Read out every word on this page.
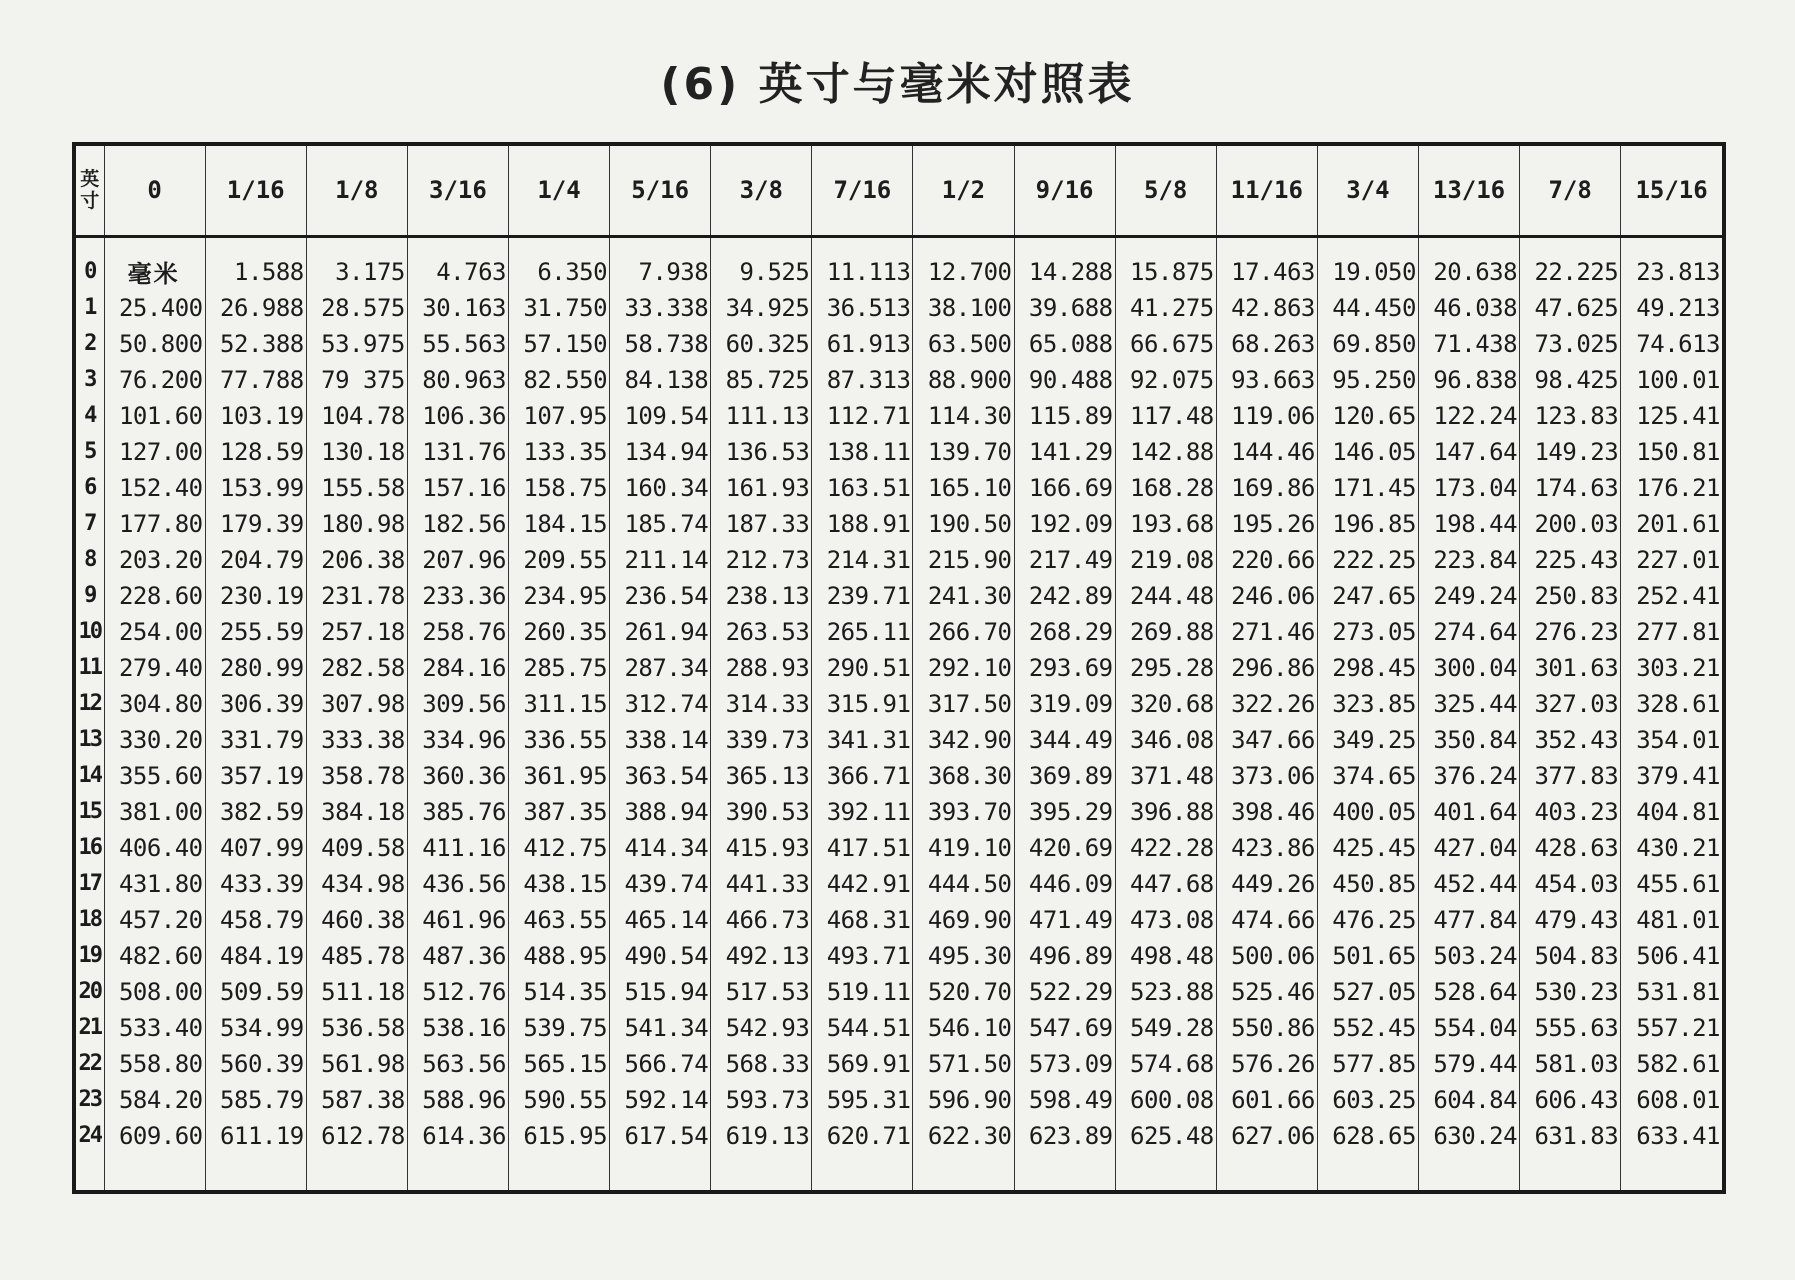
(6) 英寸与毫米对照表
英
寸	0	1/16	1/8	3/16	1/4	5/16	3/8	7/16	1/2	9/16	5/8	11/16	3/4	13/16	7/8	15/16

0	毫米	1.588	3.175	4.763	6.350	7.938	9.525	11.113	12.700	14.288	15.875	17.463	19.050	20.638	22.225	23.813
1	25.400	26.988	28.575	30.163	31.750	33.338	34.925	36.513	38.100	39.688	41.275	42.863	44.450	46.038	47.625	49.213
2	50.800	52.388	53.975	55.563	57.150	58.738	60.325	61.913	63.500	65.088	66.675	68.263	69.850	71.438	73.025	74.613
3	76.200	77.788	79 375	80.963	82.550	84.138	85.725	87.313	88.900	90.488	92.075	93.663	95.250	96.838	98.425	100.01
4	101.60	103.19	104.78	106.36	107.95	109.54	111.13	112.71	114.30	115.89	117.48	119.06	120.65	122.24	123.83	125.41
5	127.00	128.59	130.18	131.76	133.35	134.94	136.53	138.11	139.70	141.29	142.88	144.46	146.05	147.64	149.23	150.81
6	152.40	153.99	155.58	157.16	158.75	160.34	161.93	163.51	165.10	166.69	168.28	169.86	171.45	173.04	174.63	176.21
7	177.80	179.39	180.98	182.56	184.15	185.74	187.33	188.91	190.50	192.09	193.68	195.26	196.85	198.44	200.03	201.61
8	203.20	204.79	206.38	207.96	209.55	211.14	212.73	214.31	215.90	217.49	219.08	220.66	222.25	223.84	225.43	227.01
9	228.60	230.19	231.78	233.36	234.95	236.54	238.13	239.71	241.30	242.89	244.48	246.06	247.65	249.24	250.83	252.41
10	254.00	255.59	257.18	258.76	260.35	261.94	263.53	265.11	266.70	268.29	269.88	271.46	273.05	274.64	276.23	277.81
11	279.40	280.99	282.58	284.16	285.75	287.34	288.93	290.51	292.10	293.69	295.28	296.86	298.45	300.04	301.63	303.21
12	304.80	306.39	307.98	309.56	311.15	312.74	314.33	315.91	317.50	319.09	320.68	322.26	323.85	325.44	327.03	328.61
13	330.20	331.79	333.38	334.96	336.55	338.14	339.73	341.31	342.90	344.49	346.08	347.66	349.25	350.84	352.43	354.01
14	355.60	357.19	358.78	360.36	361.95	363.54	365.13	366.71	368.30	369.89	371.48	373.06	374.65	376.24	377.83	379.41
15	381.00	382.59	384.18	385.76	387.35	388.94	390.53	392.11	393.70	395.29	396.88	398.46	400.05	401.64	403.23	404.81
16	406.40	407.99	409.58	411.16	412.75	414.34	415.93	417.51	419.10	420.69	422.28	423.86	425.45	427.04	428.63	430.21
17	431.80	433.39	434.98	436.56	438.15	439.74	441.33	442.91	444.50	446.09	447.68	449.26	450.85	452.44	454.03	455.61
18	457.20	458.79	460.38	461.96	463.55	465.14	466.73	468.31	469.90	471.49	473.08	474.66	476.25	477.84	479.43	481.01
19	482.60	484.19	485.78	487.36	488.95	490.54	492.13	493.71	495.30	496.89	498.48	500.06	501.65	503.24	504.83	506.41
20	508.00	509.59	511.18	512.76	514.35	515.94	517.53	519.11	520.70	522.29	523.88	525.46	527.05	528.64	530.23	531.81
21	533.40	534.99	536.58	538.16	539.75	541.34	542.93	544.51	546.10	547.69	549.28	550.86	552.45	554.04	555.63	557.21
22	558.80	560.39	561.98	563.56	565.15	566.74	568.33	569.91	571.50	573.09	574.68	576.26	577.85	579.44	581.03	582.61
23	584.20	585.79	587.38	588.96	590.55	592.14	593.73	595.31	596.90	598.49	600.08	601.66	603.25	604.84	606.43	608.01
24	609.60	611.19	612.78	614.36	615.95	617.54	619.13	620.71	622.30	623.89	625.48	627.06	628.65	630.24	631.83	633.41
